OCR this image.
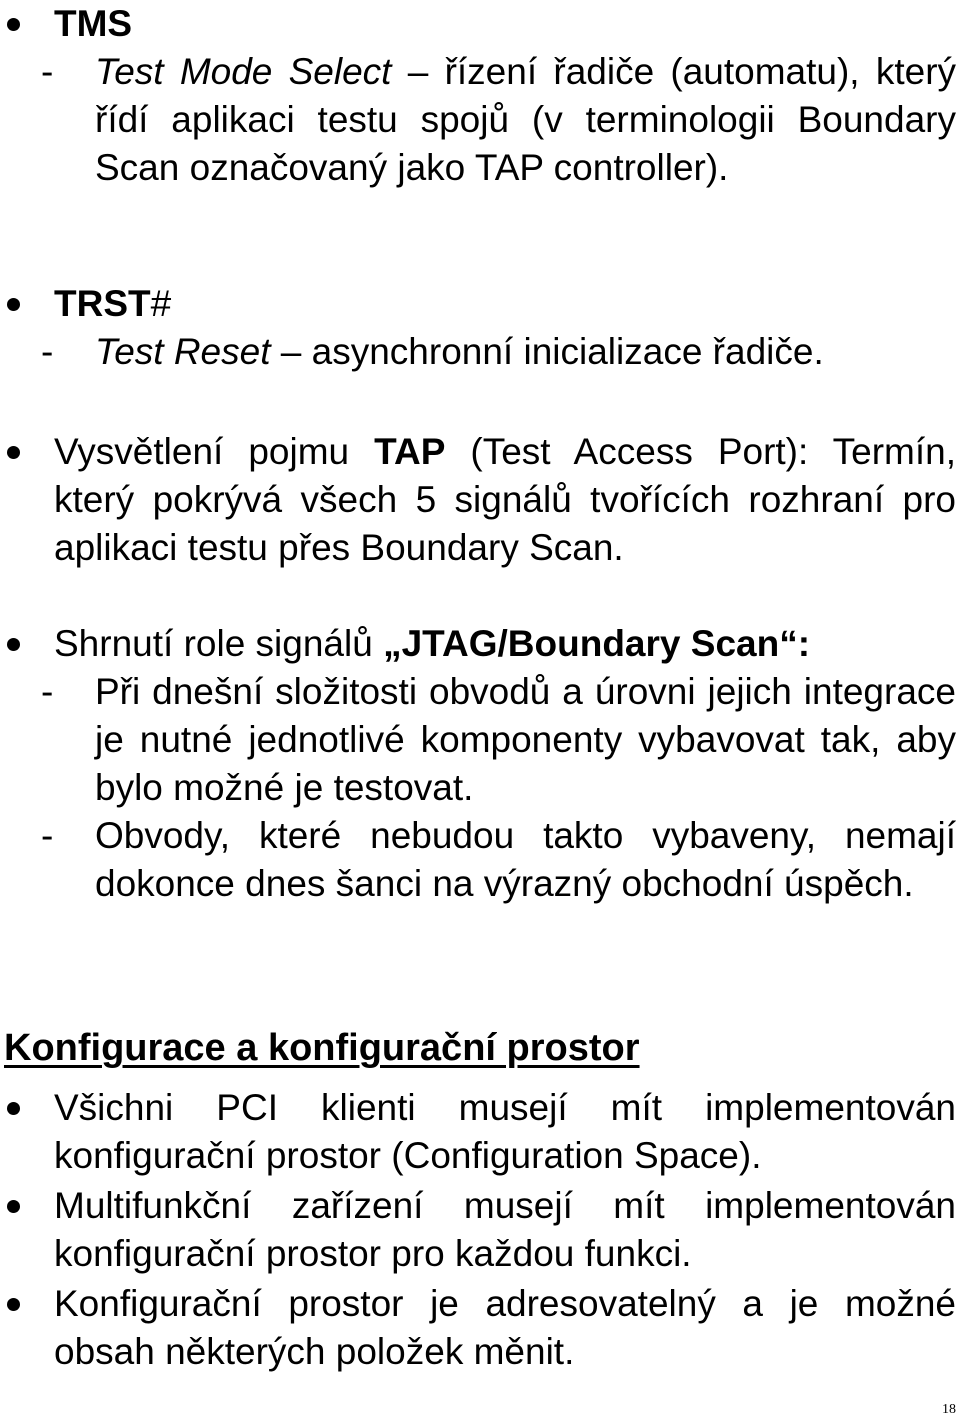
TMS
- Test Mode Select – řízení řadiče (automatu), který řídí aplikaci testu spojů (v terminologii Boundary Scan označovaný jako TAP controller).
TRST#
- Test Reset – asynchronní inicializace řadiče.
Vysvětlení pojmu TAP (Test Access Port): Termín, který pokrývá všech 5 signálů tvořících rozhraní pro aplikaci testu přes Boundary Scan.
Shrnutí role signálů „JTAG/Boundary Scan“:
- Při dnešní složitosti obvodů a úrovni jejich integrace je nutné jednotlivé komponenty vybavovat tak, aby bylo možné je testovat.
- Obvody, které nebudou takto vybaveny, nemají dokonce dnes šanci na výrazný obchodní úspěch.
Konfigurace a konfigurační prostor
Všichni PCI klienti musejí mít implementován konfigurační prostor (Configuration Space).
Multifunkční zařízení musejí mít implementován konfigurační prostor pro každou funkci.
Konfigurační prostor je adresovatelný a je možné obsah některých položek měnit.
18
